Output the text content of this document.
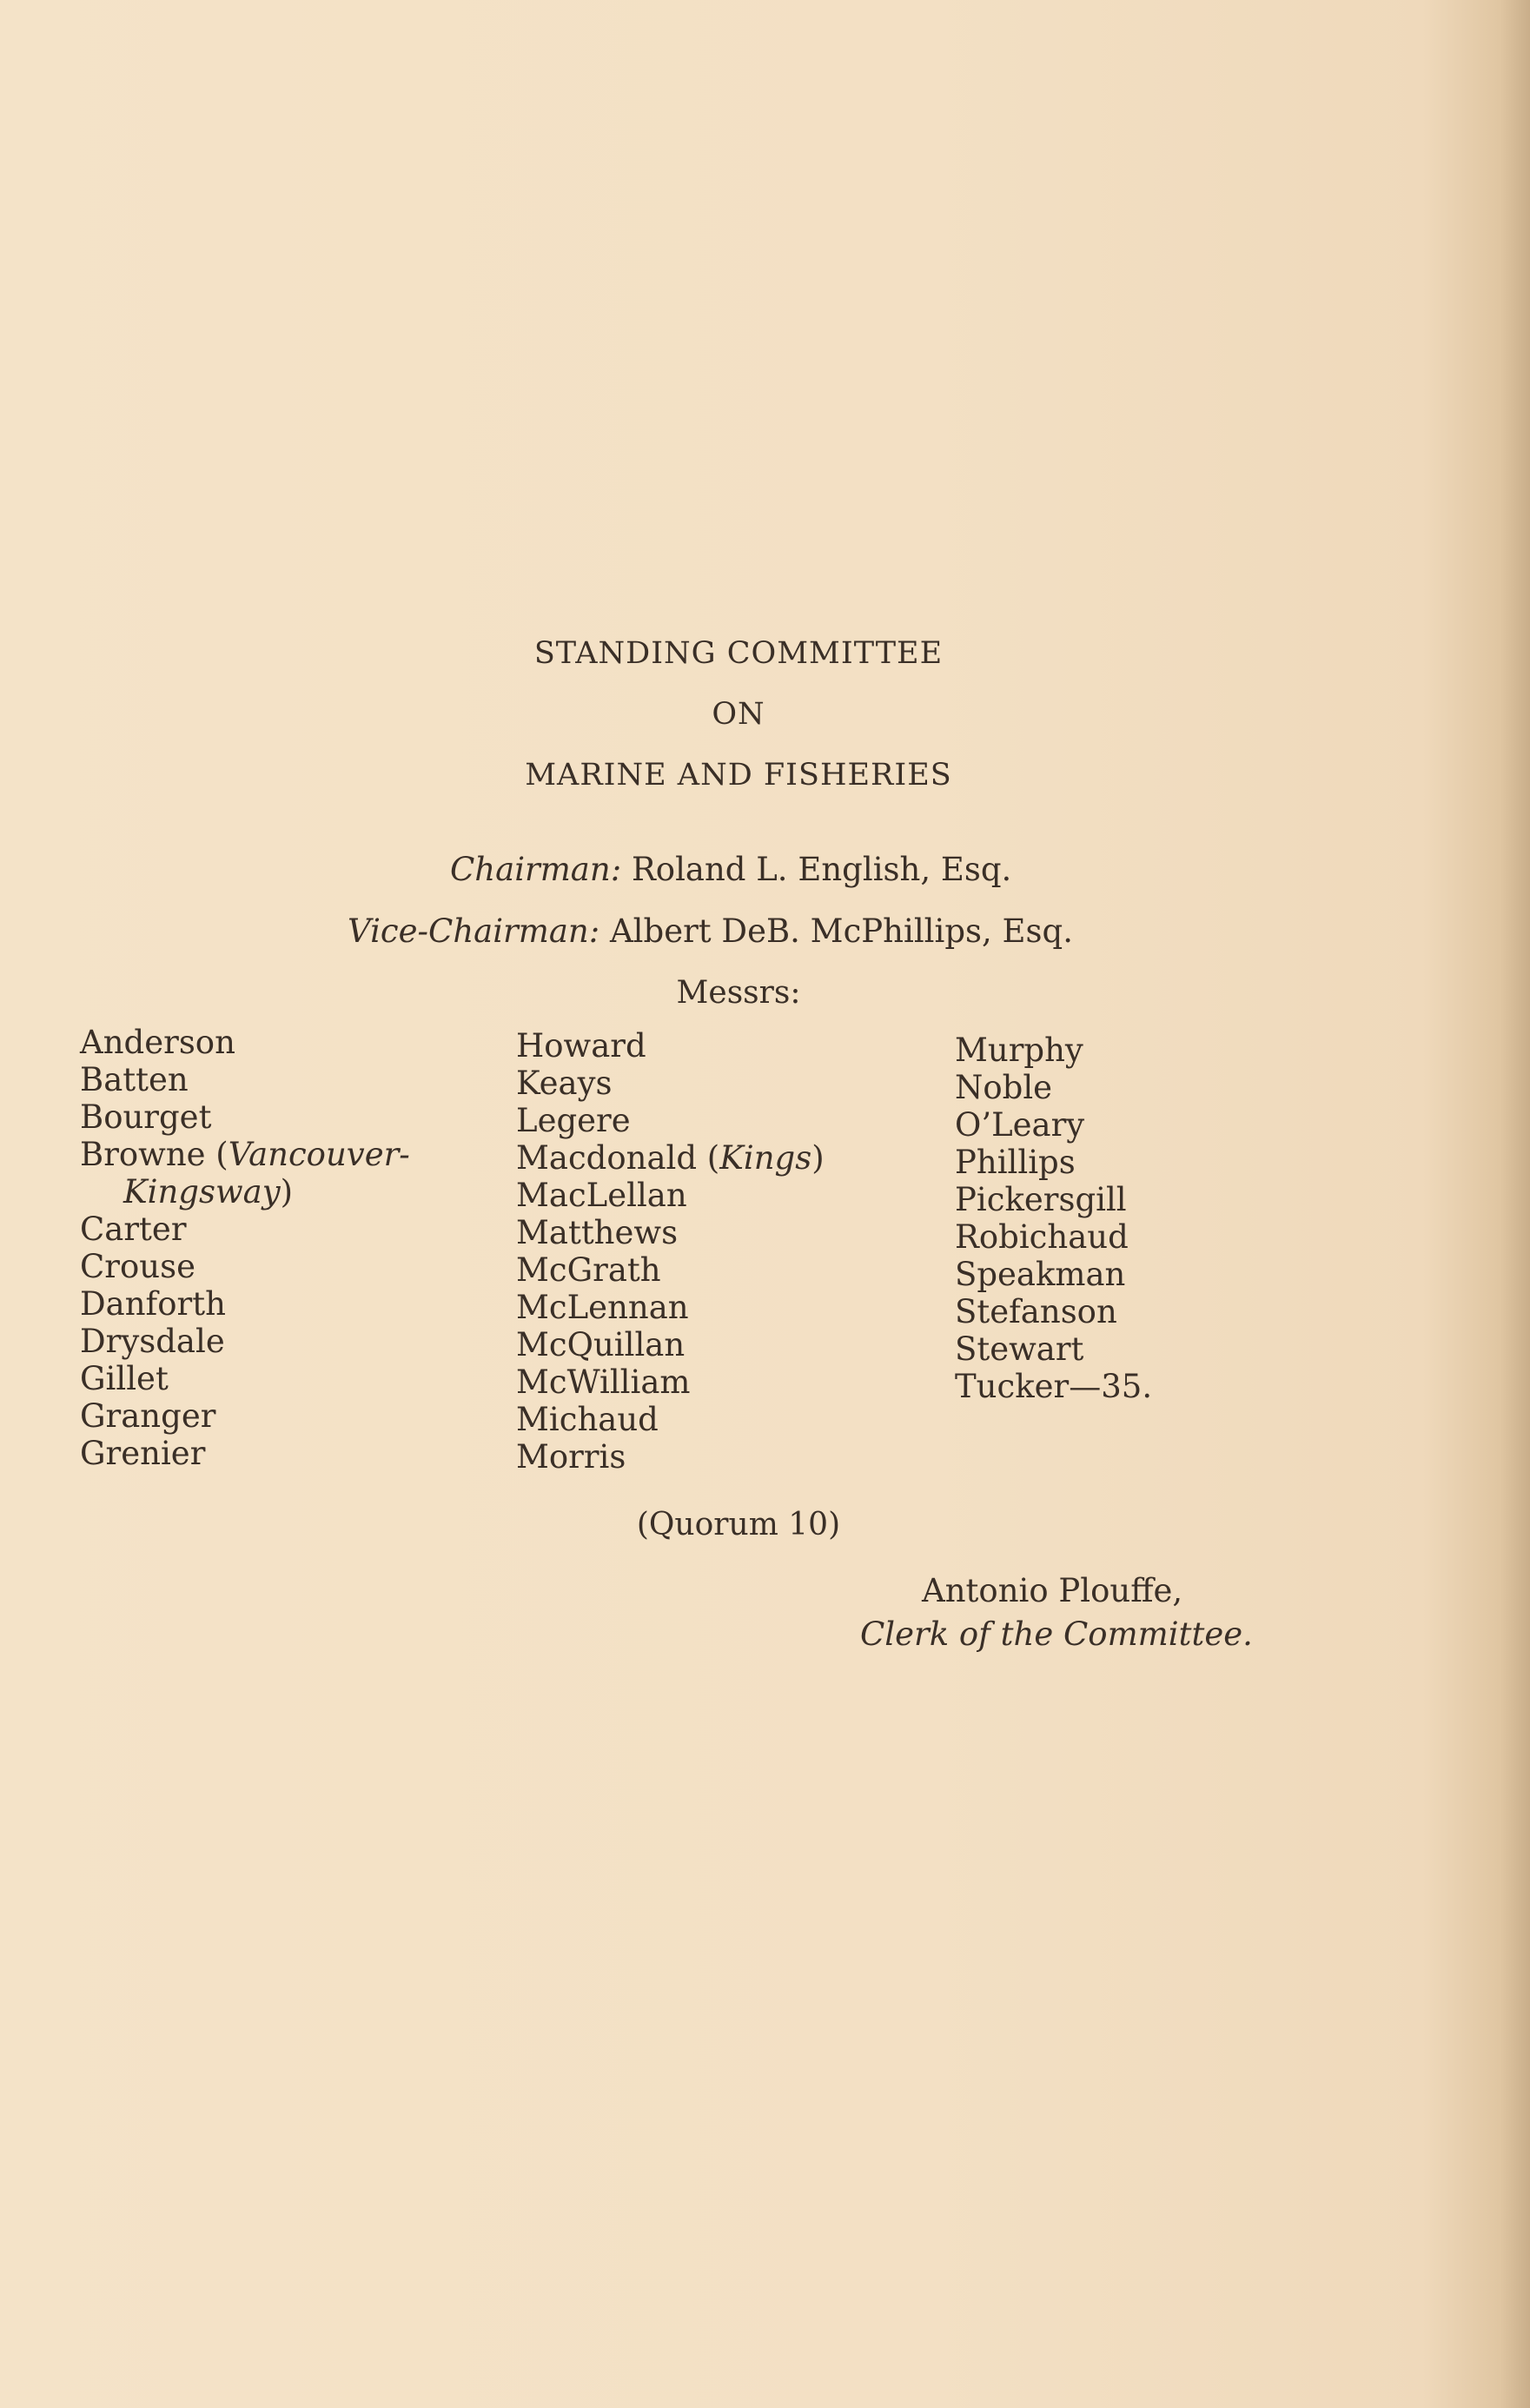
STANDING COMMITTEE
ON
MARINE AND FISHERIES
Chairman: Roland L. English, Esq.
Vice-Chairman: Albert DeB. McPhillips, Esq.
Messrs:
Anderson
Batten
Bourget
Browne (Vancouver-
Kingsway)
Carter
Crouse
Danforth
Drysdale
Gillet
Granger
Grenier
Howard
Keays
Legere
Macdonald (Kings)
MacLellan
Matthews
McGrath
McLennan
McQuillan
McWilliam
Michaud
Morris
Murphy
Noble
O’Leary
Phillips
Pickersgill
Robichaud
Speakman
Stefanson
Stewart
Tucker—35.
(Quorum 10)
Antonio Plouffe,
Clerk of the Committee.
